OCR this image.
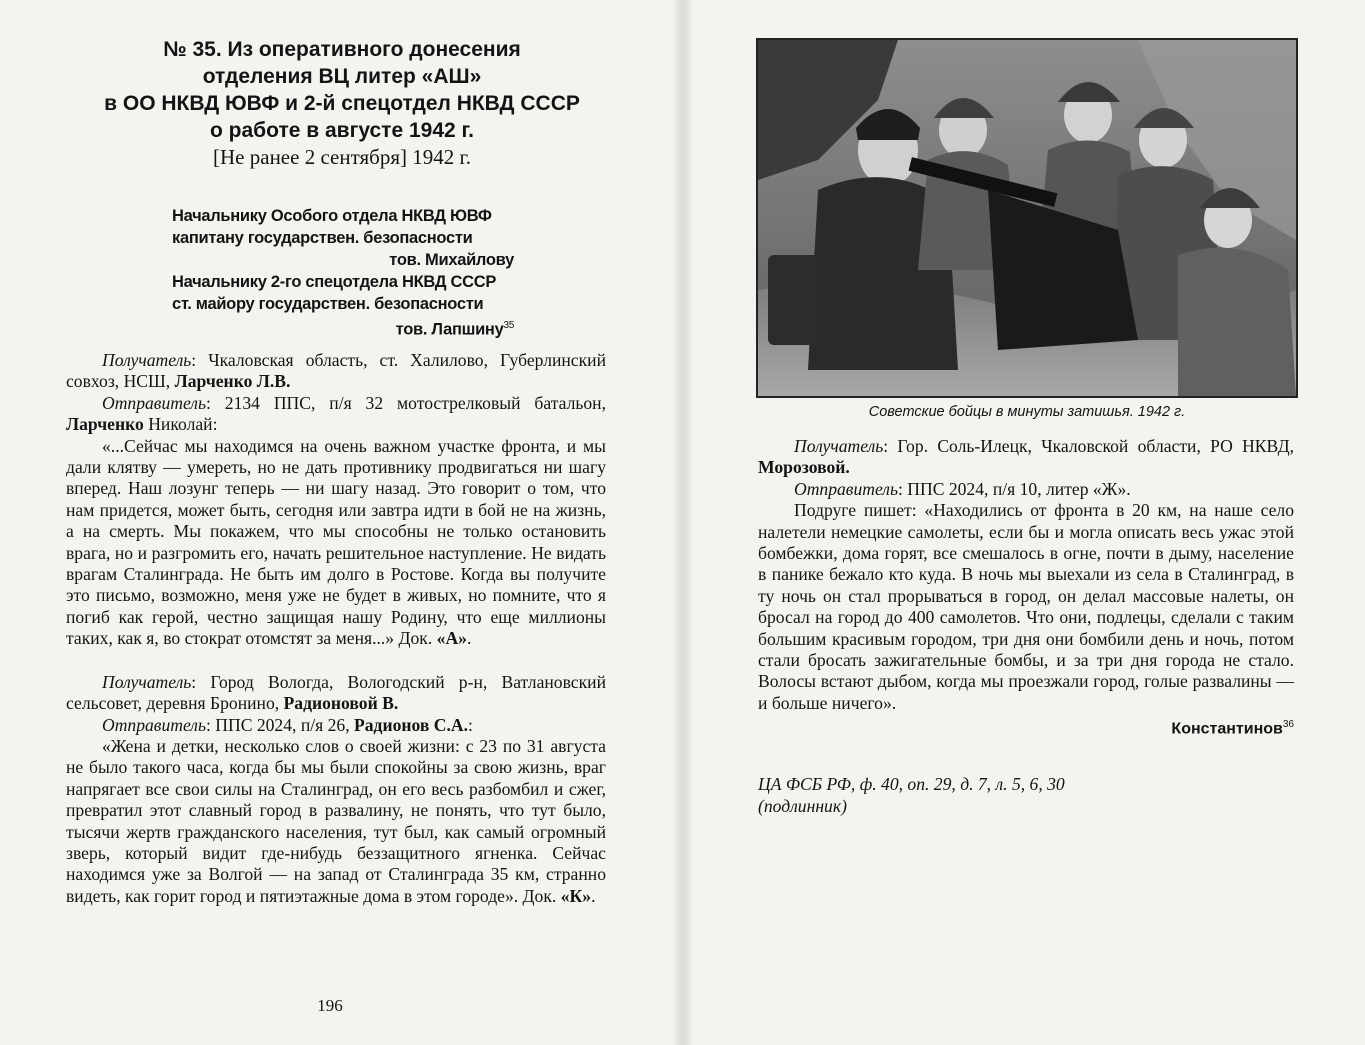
№ 35. Из оперативного донесения
отделения ВЦ литер «АШ»
в ОО НКВД ЮВФ и 2-й спецотдел НКВД СССР
о работе в августе 1942 г.
[Не ранее 2 сентября] 1942 г.
Начальнику Особого отдела НКВД ЮВФ
капитану государствен. безопасности
тов. Михайлову
Начальнику 2-го спецотдела НКВД СССР
ст. майору государствен. безопасности
тов. Лапшину$^{35}$

Получатель: Чкаловская область, ст. Халилово, Губерлинский совхоз, НСШ, Ларченко Л.В.

Отправитель: 2134 ППС, п/я 32 мотострелковый батальон, Ларченко Николай:

«...Сейчас мы находимся на очень важном участке фронта, и мы дали клятву — умереть, но не дать противнику продвигаться ни шагу вперед. Наш лозунг теперь — ни шагу назад. Это говорит о том, что нам придется, может быть, сегодня или завтра идти в бой не на жизнь, а на смерть. Мы покажем, что мы способны не только остановить врага, но и разгромить его, начать решительное наступление. Не видать врагам Сталинграда. Не быть им долго в Ростове. Когда вы получите это письмо, возможно, меня уже не будет в живых, но помните, что я погиб как герой, честно защищая нашу Родину, что еще миллионы таких, как я, во стократ отомстят за меня...» Док. «А».

Получатель: Город Вологда, Вологодский р-н, Ватлановский сельсовет, деревня Бронино, Радионовой В.

Отправитель: ППС 2024, п/я 26, Радионов С.А.:

«Жена и детки, несколько слов о своей жизни: с 23 по 31 августа не было такого часа, когда бы мы были спокойны за свою жизнь, враг напрягает все свои силы на Сталинград, он его весь разбомбил и сжег, превратил этот славный город в развалину, не понять, что тут было, тысячи жертв гражданского населения, тут был, как самый огромный зверь, который видит где-нибудь беззащитного ягненка. Сейчас находимся уже за Волгой — на запад от Сталинграда 35 км, странно видеть, как горит город и пятиэтажные дома в этом городе». Док. «К».

196
Советские бойцы в минуты затишья. 1942 г.

Получатель: Гор. Соль-Илецк, Чкаловской области, РО НКВД, Морозовой.

Отправитель: ППС 2024, п/я 10, литер «Ж».

Подруге пишет: «Находились от фронта в 20 км, на наше село налетели немецкие самолеты, если бы и могла описать весь ужас этой бомбежки, дома горят, все смешалось в огне, почти в дыму, население в панике бежало кто куда. В ночь мы выехали из села в Сталинград, в ту ночь он стал прорываться в город, он делал массовые налеты, он бросал на город до 400 самолетов. Что они, подлецы, сделали с таким большим красивым городом, три дня они бомбили день и ночь, потом стали бросать зажигательные бомбы, и за три дня города не стало. Волосы встают дыбом, когда мы проезжали город, голые развалины — и больше ничего».

Константинов$^{36}$

ЦА ФСБ РФ, ф. 40, оп. 29, д. 7, л. 5, 6, 30
(подлинник)
